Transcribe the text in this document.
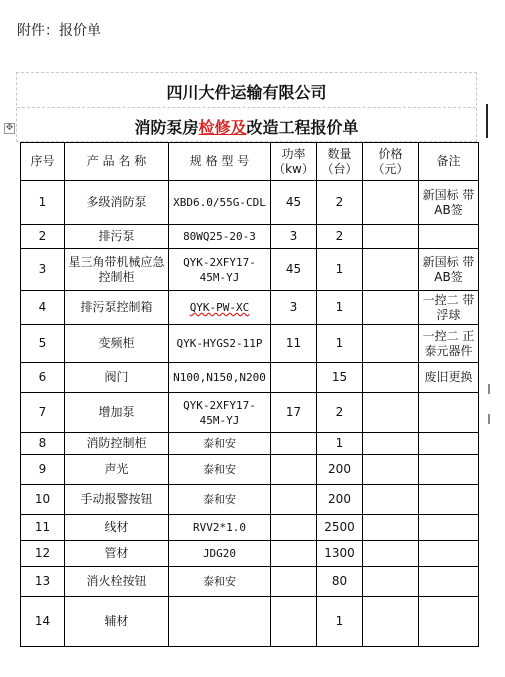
附件：报价单
四川大件运输有限公司
消防泵房检修及改造工程报价单
✥
序号	产 品 名 称	规 格 型 号	功率（kw）	数量（台）	价格（元）	备注
1	多级消防泵	XBD6.0/55G-CDL	45	2		新国标 带AB签
2	排污泵	80WQ25-20-3	3	2		
3	星三角带机械应急控制柜	QYK-2XFY17-45M-YJ	45	1		新国标 带AB签
4	排污泵控制箱	QYK-PW-XC	3	1		一控二 带浮球
5	变频柜	QYK-HYGS2-11P	11	1		一控二 正泰元器件
6	阀门	N100,N150,N200		15		废旧更换
7	增加泵	QYK-2XFY17-45M-YJ	17	2		
8	消防控制柜	泰和安		1		
9	声光	泰和安		200		
10	手动报警按钮	泰和安		200		
11	线材	RVV2*1.0		2500		
12	管材	JDG20		1300		
13	消火栓按钮	泰和安		80		
14	辅材			1		
